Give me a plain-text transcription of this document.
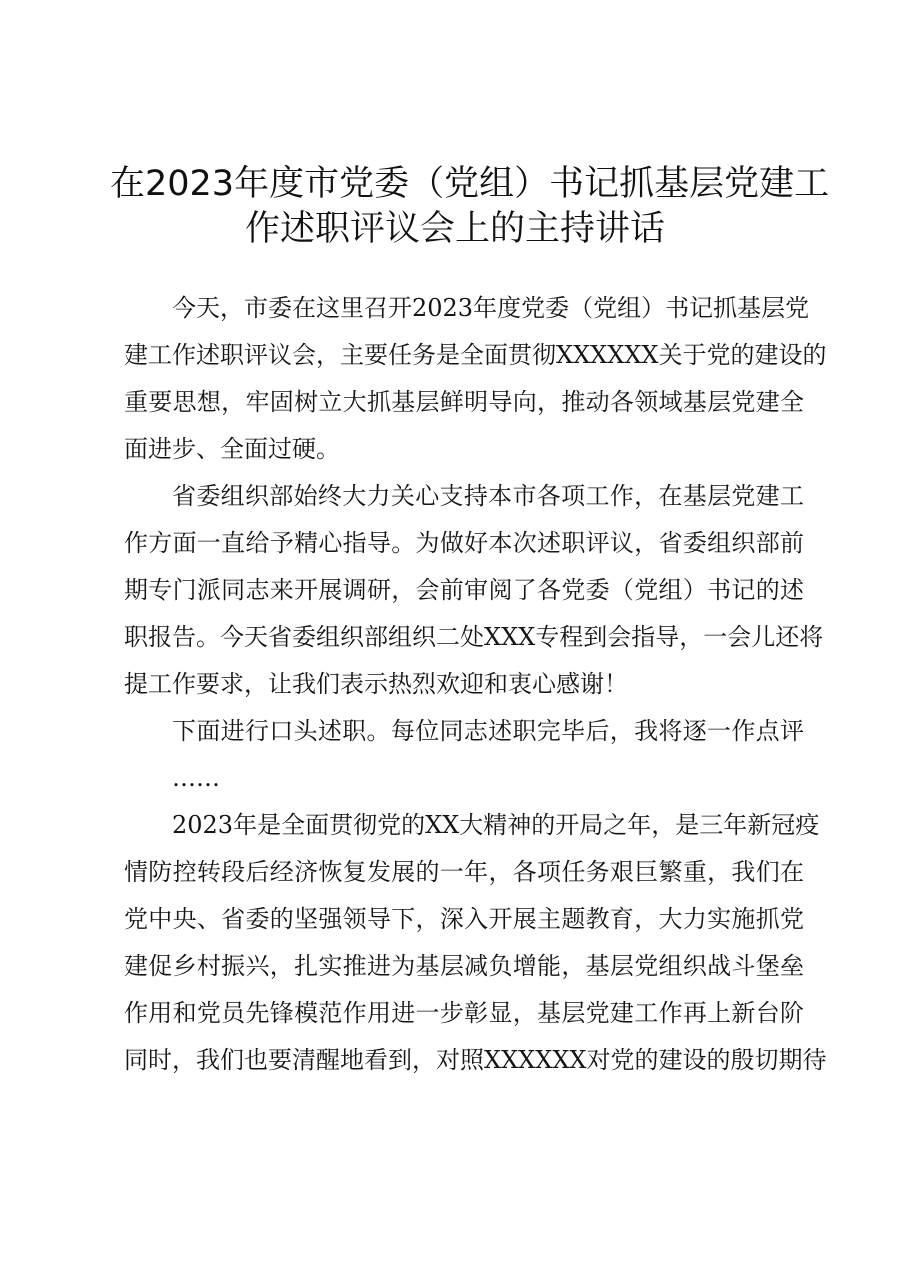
在2023年度市党委（党组）书记抓基层党建工
作述职评议会上的主持讲话
今天，市委在这里召开2023年度党委（党组）书记抓基层党
建工作述职评议会，主要任务是全面贯彻XXXXXX关于党的建设的
重要思想，牢固树立大抓基层鲜明导向，推动各领域基层党建全
面进步、全面过硬。
省委组织部始终大力关心支持本市各项工作，在基层党建工
作方面一直给予精心指导。为做好本次述职评议，省委组织部前
期专门派同志来开展调研，会前审阅了各党委（党组）书记的述
职报告。今天省委组织部组织二处XXX专程到会指导，一会儿还将
提工作要求，让我们表示热烈欢迎和衷心感谢！
下面进行口头述职。每位同志述职完毕后，我将逐一作点评
……
2023年是全面贯彻党的XX大精神的开局之年，是三年新冠疫
情防控转段后经济恢复发展的一年，各项任务艰巨繁重，我们在
党中央、省委的坚强领导下，深入开展主题教育，大力实施抓党
建促乡村振兴，扎实推进为基层减负增能，基层党组织战斗堡垒
作用和党员先锋模范作用进一步彰显，基层党建工作再上新台阶
同时，我们也要清醒地看到，对照XXXXXX对党的建设的殷切期待
